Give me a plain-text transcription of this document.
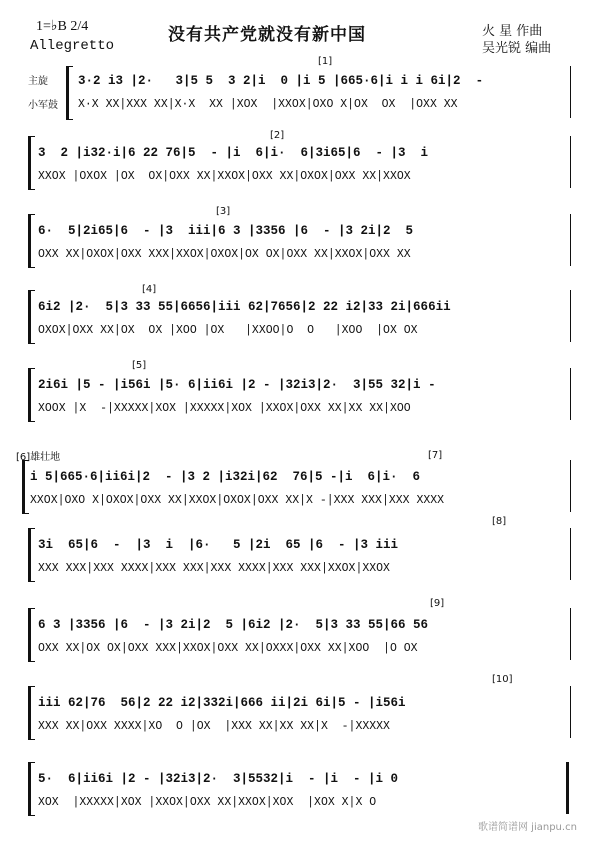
1=♭B 2/4
Allegretto
没有共产党就没有新中国	火 星 作曲
吴光锐 编曲
主旋
小军鼓
[1]
3·2 i3 |2·   3|5 5  3 2|i  0 |i 5 |665·6|i i i 6i|2  -
X·X XX|XXX XX|X·X  XX |XOX  |XXOX|OXO X|OX  OX  |OXX XX
[2]
3  2 |i32·i|6 22 76|5  - |i  6|i·  6|3i65|6  - |3  i
XXOX |OXOX |OX  OX|OXX XX|XXOX|OXX XX|OXOX|OXX XX|XXOX
[3]
6·  5|2i65|6  - |3  iii|6 3 |3356 |6  - |3 2i|2  5
OXX XX|OXOX|OXX XXX|XXOX|OXOX|OX OX|OXX XX|XXOX|OXX XX
[4]
6i2 |2·  5|3 33 55|6656|iii 62|7656|2 22 i2|33 2i|666ii
OXOX|OXX XX|OX  OX |XOO |OX   |XXOO|O  O   |XOO  |OX OX
[5]
2i6i |5 - |i56i |5· 6|ii6i |2 - |32i3|2·  3|55 32|i -
XOOX |X  -|XXXXX|XOX |XXXXX|XOX |XXOX|OXX XX|XX XX|XOO
[6]雄壮地	[7]
i 5|665·6|ii6i|2  - |3 2 |i32i|62  76|5 -|i  6|i·  6
XXOX|OXO X|OXOX|OXX XX|XXOX|OXOX|OXX XX|X -|XXX XXX|XXX XXXX
[8]
3i  65|6  -  |3  i  |6·   5 |2i  65 |6  - |3 iii
XXX XXX|XXX XXXX|XXX XXX|XXX XXXX|XXX XXX|XXOX|XXOX
[9]
6 3 |3356 |6  - |3 2i|2  5 |6i2 |2·  5|3 33 55|66 56
OXX XX|OX OX|OXX XXX|XXOX|OXX XX|OXXX|OXX XX|XOO  |O OX
[10]
iii 62|76  56|2 22 i2|332i|666 ii|2i 6i|5 - |i56i
XXX XX|OXX XXXX|XO  O |OX  |XXX XX|XX XX|X  -|XXXXX
5·  6|ii6i |2 - |32i3|2·  3|5532|i  - |i  - |i 0
XOX  |XXXXX|XOX |XXOX|OXX XX|XXOX|XOX  |XOX X|X O
歌谱简谱网 jianpu.cn
